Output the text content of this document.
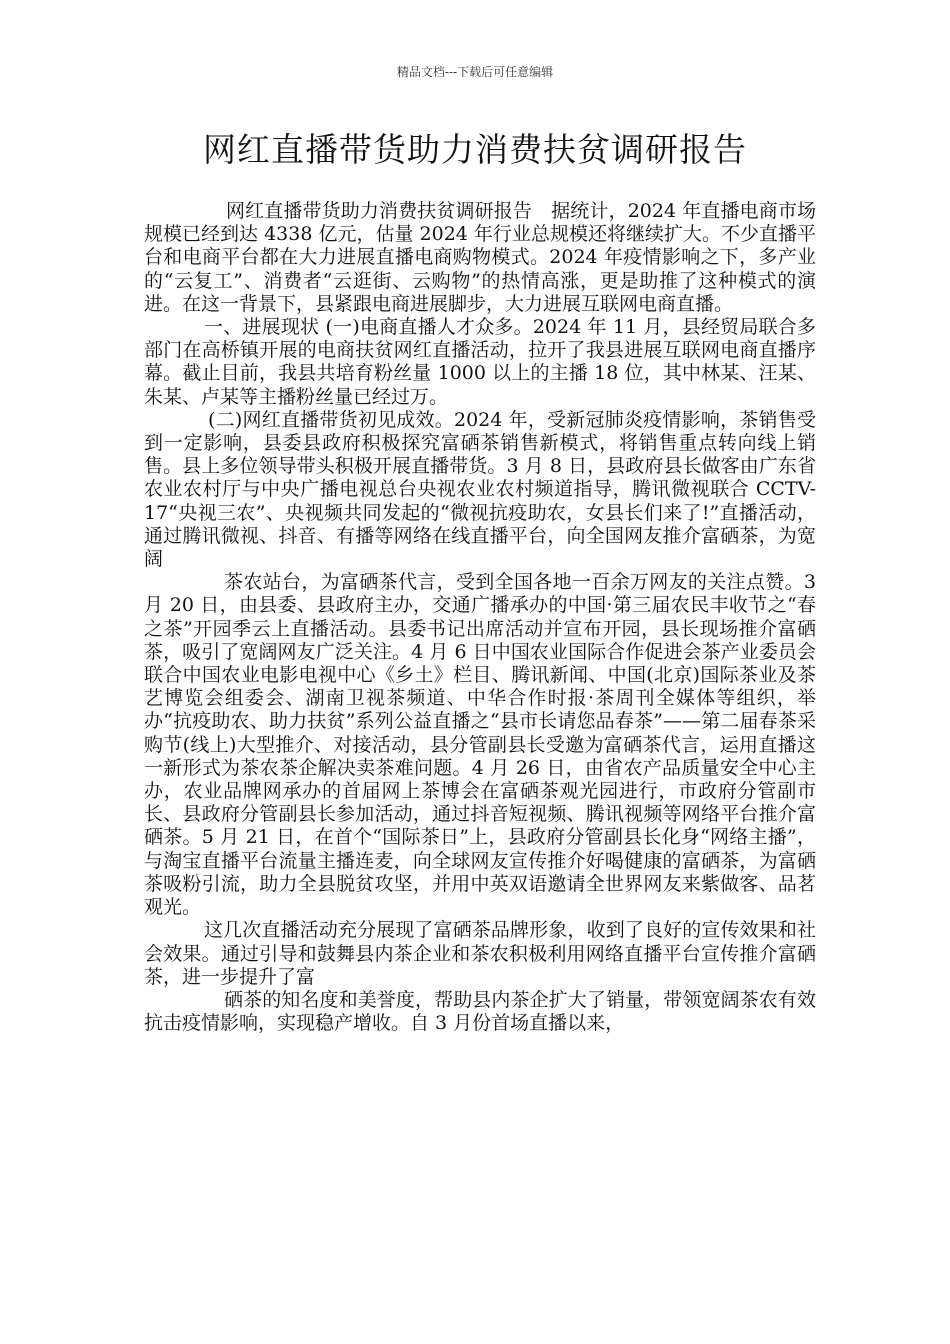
精品文档---下载后可任意编辑
网红直播带货助力消费扶贫调研报告

网红直播带货助力消费扶贫调研报告　据统计，2024 年直播电商市场规模已经到达 4338 亿元，估量 2024 年行业总规模还将继续扩大。不少直播平台和电商平台都在大力进展直播电商购物模式。2024 年疫情影响之下，多产业的“云复工”、消费者“云逛街、云购物”的热情高涨，更是助推了这种模式的演进。在这一背景下，县紧跟电商进展脚步，大力进展互联网电商直播。

一、进展现状 (一)电商直播人才众多。2024 年 11 月，县经贸局联合多部门在高桥镇开展的电商扶贫网红直播活动，拉开了我县进展互联网电商直播序幕。截止目前，我县共培育粉丝量 1000 以上的主播 18 位，其中林某、汪某、朱某、卢某等主播粉丝量已经过万。

(二)网红直播带货初见成效。2024 年，受新冠肺炎疫情影响，茶销售受到一定影响，县委县政府积极探究富硒茶销售新模式，将销售重点转向线上销售。县上多位领导带头积极开展直播带货。3 月 8 日，县政府县长做客由广东省农业农村厅与中央广播电视总台央视农业农村频道指导，腾讯微视联合 CCTV-17“央视三农”、央视频共同发起的“微视抗疫助农，女县长们来了!”直播活动，通过腾讯微视、抖音、有播等网络在线直播平台，向全国网友推介富硒茶，为宽阔

茶农站台，为富硒茶代言，受到全国各地一百余万网友的关注点赞。3 月 20 日，由县委、县政府主办，交通广播承办的中国·第三届农民丰收节之“春之茶”开园季云上直播活动。县委书记出席活动并宣布开园，县长现场推介富硒茶，吸引了宽阔网友广泛关注。4 月 6 日中国农业国际合作促进会茶产业委员会联合中国农业电影电视中心《乡土》栏目、腾讯新闻、中国(北京)国际茶业及茶艺博览会组委会、湖南卫视茶频道、中华合作时报·茶周刊全媒体等组织，举办“抗疫助农、助力扶贫”系列公益直播之“县市长请您品春茶”——第二届春茶采购节(线上)大型推介、对接活动，县分管副县长受邀为富硒茶代言，运用直播这一新形式为茶农茶企解决卖茶难问题。4 月 26 日，由省农产品质量安全中心主办，农业品牌网承办的首届网上茶博会在富硒茶观光园进行，市政府分管副市长、县政府分管副县长参加活动，通过抖音短视频、腾讯视频等网络平台推介富硒茶。5 月 21 日，在首个“国际茶日”上，县政府分管副县长化身“网络主播”，与淘宝直播平台流量主播连麦，向全球网友宣传推介好喝健康的富硒茶，为富硒茶吸粉引流，助力全县脱贫攻坚，并用中英双语邀请全世界网友来紫做客、品茗观光。

这几次直播活动充分展现了富硒茶品牌形象，收到了良好的宣传效果和社会效果。通过引导和鼓舞县内茶企业和茶农积极利用网络直播平台宣传推介富硒茶，进一步提升了富

硒茶的知名度和美誉度，帮助县内茶企扩大了销量，带领宽阔茶农有效抗击疫情影响，实现稳产增收。自 3 月份首场直播以来，
